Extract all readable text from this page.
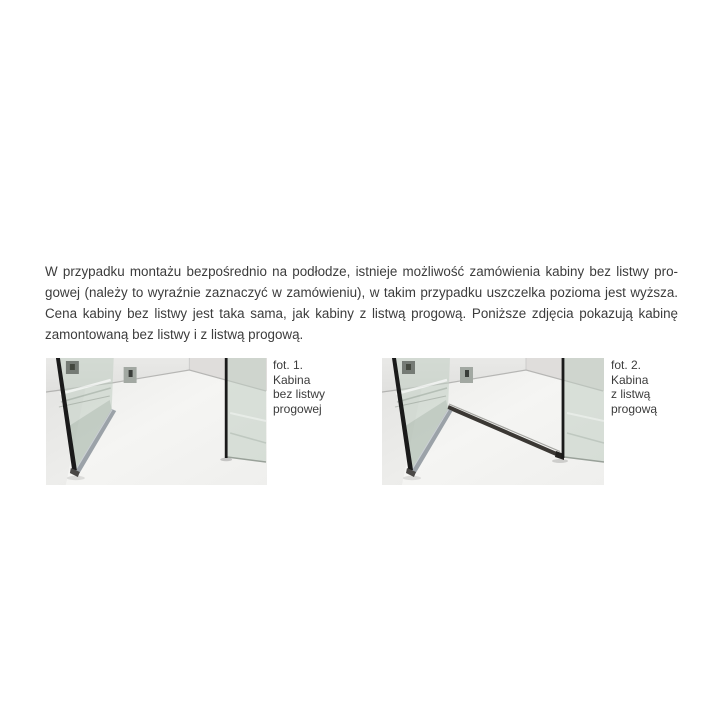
W przypadku montażu bezpośrednio na podłodze, istnieje możliwość zamówienia kabiny bez listwy pro-
gowej (należy to wyraźnie zaznaczyć w zamówieniu), w takim przypadku uszczelka pozioma jest wyższa.
Cena kabiny bez listwy jest taka sama, jak kabiny z listwą progową. Poniższe zdjęcia pokazują kabinę
zamontowaną bez listwy i z listwą progową.
fot. 1.
Kabina
bez listwy
progowej
fot. 2.
Kabina
z listwą
progową
